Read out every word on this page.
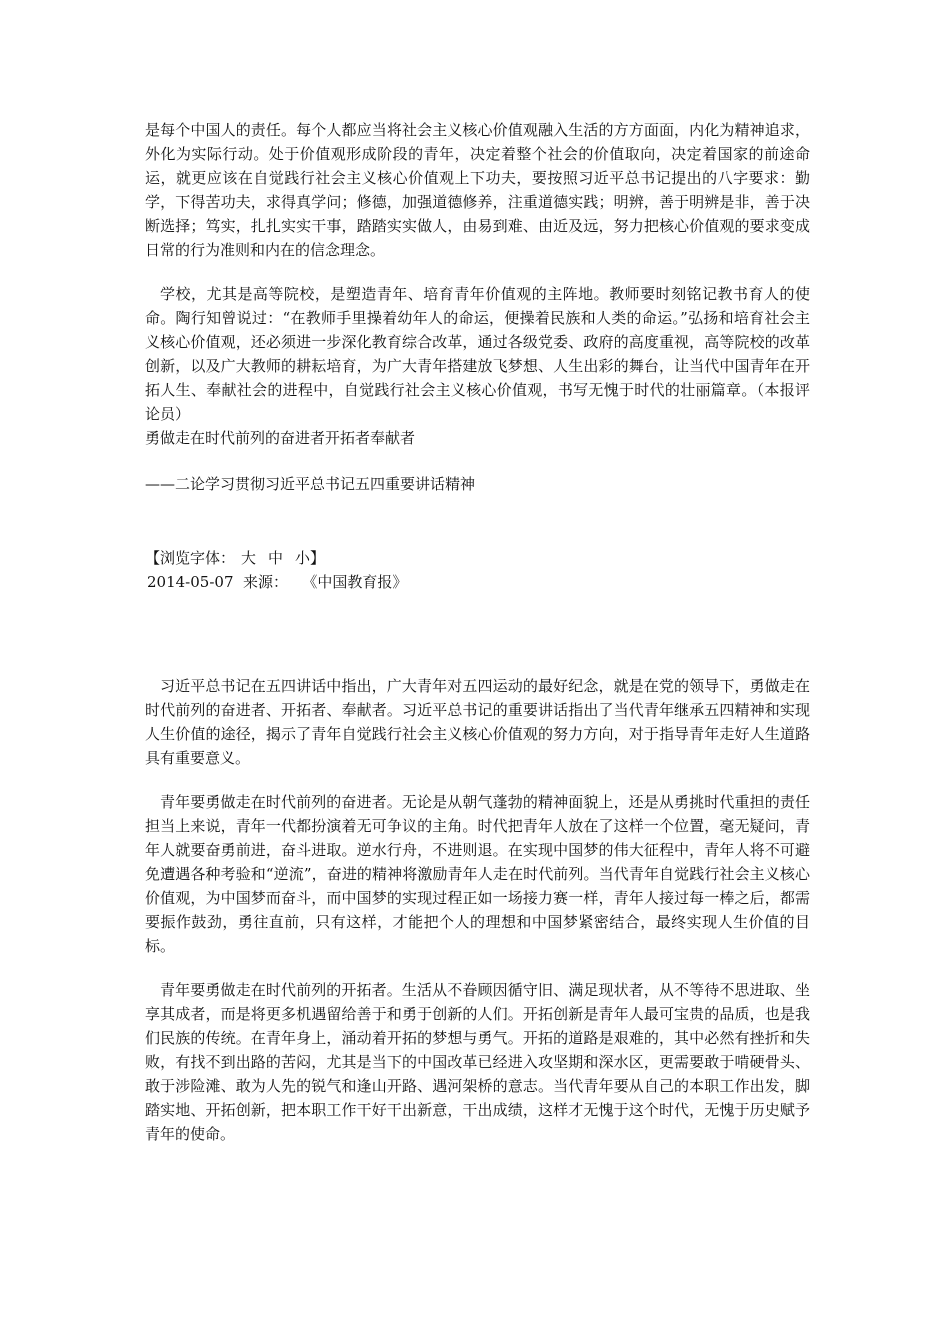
是每个中国人的责任。每个人都应当将社会主义核心价值观融入生活的方方面面，内化为精神追求，外化为实际行动。处于价值观形成阶段的青年，决定着整个社会的价值取向，决定着国家的前途命运，就更应该在自觉践行社会主义核心价值观上下功夫，要按照习近平总书记提出的八字要求：勤学，下得苦功夫，求得真学问；修德，加强道德修养，注重道德实践；明辨，善于明辨是非，善于决断选择；笃实，扎扎实实干事，踏踏实实做人，由易到难、由近及远，努力把核心价值观的要求变成日常的行为准则和内在的信念理念。

学校，尤其是高等院校，是塑造青年、培育青年价值观的主阵地。教师要时刻铭记教书育人的使命。陶行知曾说过：“在教师手里操着幼年人的命运，便操着民族和人类的命运。”弘扬和培育社会主义核心价值观，还必须进一步深化教育综合改革，通过各级党委、政府的高度重视，高等院校的改革创新，以及广大教师的耕耘培育，为广大青年搭建放飞梦想、人生出彩的舞台，让当代中国青年在开拓人生、奉献社会的进程中，自觉践行社会主义核心价值观，书写无愧于时代的壮丽篇章。（本报评论员）

勇做走在时代前列的奋进者开拓者奉献者

——二论学习贯彻习近平总书记五四重要讲话精神

【浏览字体： 大 中 小】

2014-05-07 来源： 《中国教育报》

习近平总书记在五四讲话中指出，广大青年对五四运动的最好纪念，就是在党的领导下，勇做走在时代前列的奋进者、开拓者、奉献者。习近平总书记的重要讲话指出了当代青年继承五四精神和实现人生价值的途径，揭示了青年自觉践行社会主义核心价值观的努力方向，对于指导青年走好人生道路具有重要意义。

青年要勇做走在时代前列的奋进者。无论是从朝气蓬勃的精神面貌上，还是从勇挑时代重担的责任担当上来说，青年一代都扮演着无可争议的主角。时代把青年人放在了这样一个位置，毫无疑问，青年人就要奋勇前进，奋斗进取。逆水行舟，不进则退。在实现中国梦的伟大征程中，青年人将不可避免遭遇各种考验和“逆流”，奋进的精神将激励青年人走在时代前列。当代青年自觉践行社会主义核心价值观，为中国梦而奋斗，而中国梦的实现过程正如一场接力赛一样，青年人接过每一棒之后，都需要振作鼓劲，勇往直前，只有这样，才能把个人的理想和中国梦紧密结合，最终实现人生价值的目标。

青年要勇做走在时代前列的开拓者。生活从不眷顾因循守旧、满足现状者，从不等待不思进取、坐享其成者，而是将更多机遇留给善于和勇于创新的人们。开拓创新是青年人最可宝贵的品质，也是我们民族的传统。在青年身上，涌动着开拓的梦想与勇气。开拓的道路是艰难的，其中必然有挫折和失败，有找不到出路的苦闷，尤其是当下的中国改革已经进入攻坚期和深水区，更需要敢于啃硬骨头、敢于涉险滩、敢为人先的锐气和逢山开路、遇河架桥的意志。当代青年要从自己的本职工作出发，脚踏实地、开拓创新，把本职工作干好干出新意，干出成绩，这样才无愧于这个时代，无愧于历史赋予青年的使命。
